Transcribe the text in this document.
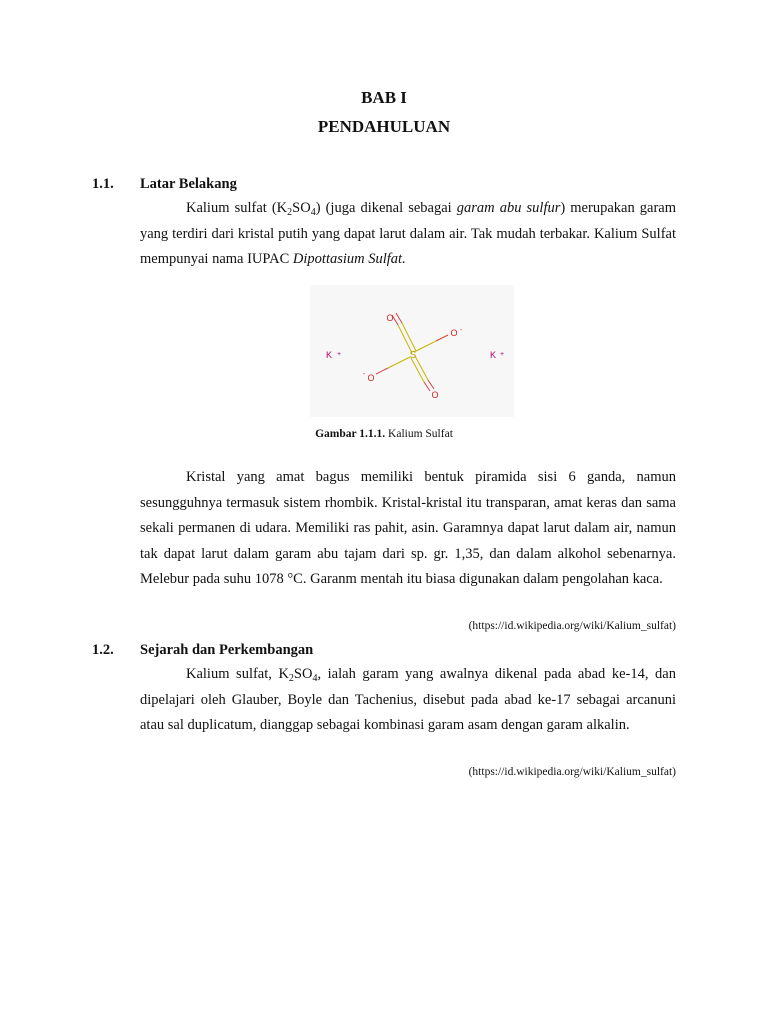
BAB I
PENDAHULUAN
1.1. Latar Belakang

Kalium sulfat $(K_2SO_4)$ (juga dikenal sebagai garam abu sulfur) merupakan garam yang terdiri dari kristal putih yang dapat larut dalam air. Tak mudah terbakar. Kalium Sulfat mempunyai nama IUPAC Dipottasium Sulfat.

S
O
O -
O
-
O
K +	K +
Gambar 1.1.1. Kalium Sulfat

Kristal yang amat bagus memiliki bentuk piramida sisi 6 ganda, namun sesungguhnya termasuk sistem rhombik. Kristal-kristal itu transparan, amat keras dan sama sekali permanen di udara. Memiliki ras pahit, asin. Garamnya dapat larut dalam air, namun tak dapat larut dalam garam abu tajam dari sp. gr. 1,35, dan dalam alkohol sebenarnya. Melebur pada suhu 1078 °C. Garanm mentah itu biasa digunakan dalam pengolahan kaca.

(https://id.wikipedia.org/wiki/Kalium_sulfat)
1.2. Sejarah dan Perkembangan

Kalium sulfat, $K_2SO_4$, ialah garam yang awalnya dikenal pada abad ke-14, dan dipelajari oleh Glauber, Boyle dan Tachenius, disebut pada abad ke-17 sebagai arcanuni atau sal duplicatum, dianggap sebagai kombinasi garam asam dengan garam alkalin.

(https://id.wikipedia.org/wiki/Kalium_sulfat)
